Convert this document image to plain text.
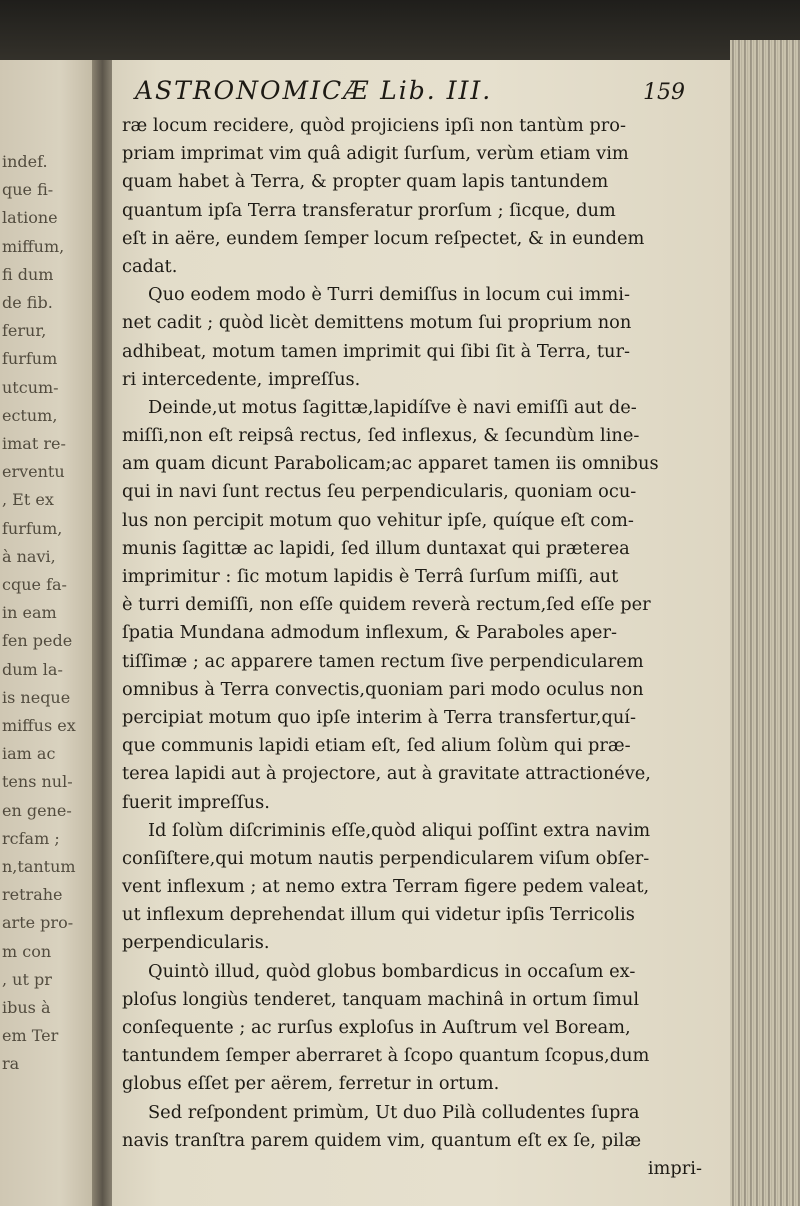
indef.
que fi-
latione
miffum,
fi dum
de fib.
ferur,
furfum
utcum-
ectum,
imat re-
erventu
, Et ex
furfum,
à navi,
cque fa-
in eam
fen pede
dum la-
is neque
miffus ex
iam ac
tens nul-
en gene-
rcfam ;
n,tantum
retrahe
arte pro-
m con
, ut pr
ibus à
em Ter
ra
ASTRONOMICÆ Lib. III.	159
ræ locum recidere, quòd projiciens ipſi non tantùm pro-
priam imprimat vim quâ adigit ſurſum, verùm etiam vim
quam habet à Terra, & propter quam lapis tantundem
quantum ipſa Terra transferatur prorſum ; ſicque, dum
eſt in aëre, eundem ſemper locum reſpectet, & in eundem
cadat.
Quo eodem modo è Turri demiſſus in locum cui immi-
net cadit ; quòd licèt demittens motum ſui proprium non
adhibeat, motum tamen imprimit qui ſibi ſit à Terra, tur-
ri intercedente, impreſſus.
Deinde,ut motus ſagittæ,lapidíſve è navi emiſſi aut de-
miſſi,non eſt reipsâ rectus, ſed inflexus, & ſecundùm line-
am quam dicunt Parabolicam;ac apparet tamen iis omnibus
qui in navi ſunt rectus ſeu perpendicularis, quoniam ocu-
lus non percipit motum quo vehitur ipſe, quíque eſt com-
munis ſagittæ ac lapidi, ſed illum duntaxat qui præterea
imprimitur : ſic motum lapidis è Terrâ ſurſum miſſi, aut
è turri demiſſi, non eſſe quidem reverà rectum,ſed eſſe per
ſpatia Mundana admodum inflexum, & Paraboles aper-
tiſſimæ ; ac apparere tamen rectum ſive perpendicularem
omnibus à Terra convectis,quoniam pari modo oculus non
percipiat motum quo ipſe interim à Terra transfertur,quí-
que communis lapidi etiam eſt, ſed alium ſolùm qui præ-
terea lapidi aut à projectore, aut à gravitate attractionéve,
fuerit impreſſus.
Id ſolùm diſcriminis eſſe,quòd aliqui poſſint extra navim
conſiſtere,qui motum nautis perpendicularem viſum obſer-
vent inflexum ; at nemo extra Terram figere pedem valeat,
ut inflexum deprehendat illum qui videtur ipſis Terricolis
perpendicularis.
Quintò illud, quòd globus bombardicus in occaſum ex-
ploſus longiùs tenderet, tanquam machinâ in ortum ſimul
conſequente ; ac rurſus exploſus in Auſtrum vel Boream,
tantundem ſemper aberraret à ſcopo quantum ſcopus,dum
globus eſſet per aërem, ferretur in ortum.
Sed reſpondent primùm, Ut duo Pilà colludentes ſupra
navis tranſtra parem quidem vim, quantum eſt ex ſe, pilæ
impri-
